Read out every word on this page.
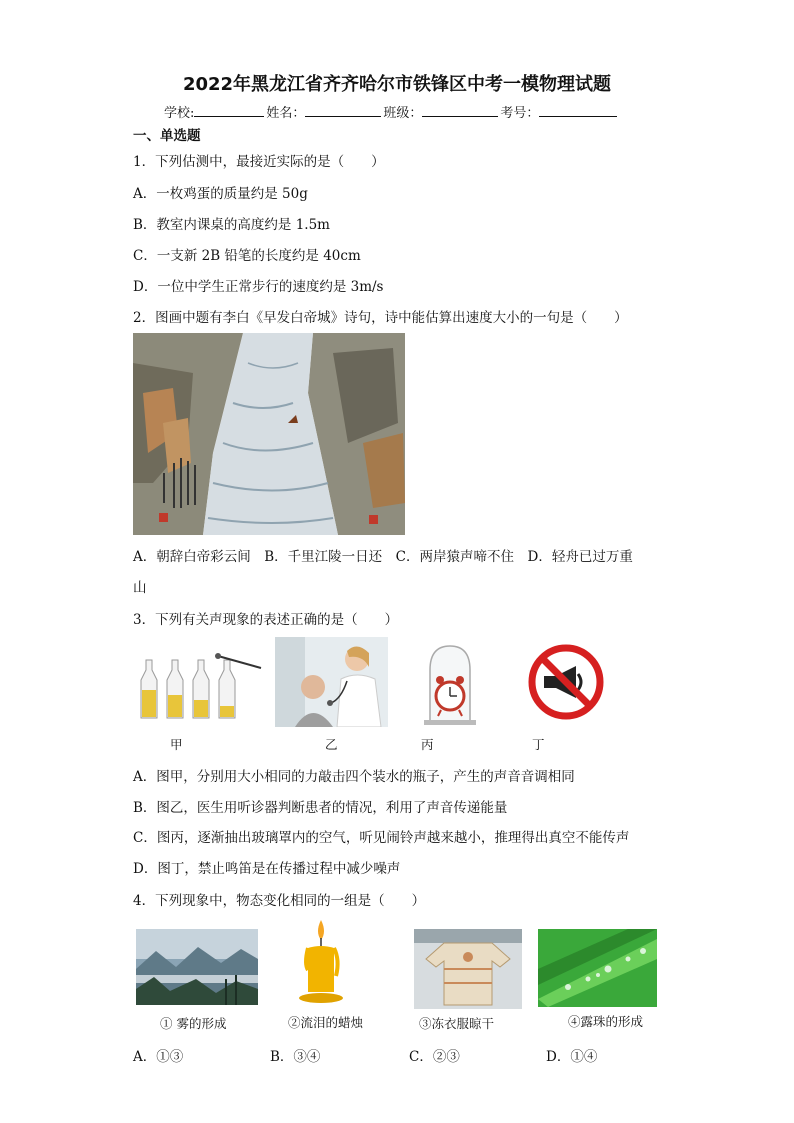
2022年黑龙江省齐齐哈尔市铁锋区中考一模物理试题
学校:	姓名：	班级：	考号：
一、单选题
1．下列估测中，最接近实际的是（　　）
A．一枚鸡蛋的质量约是 50g
B．教室内课桌的高度约是 1.5m
C．一支新 2B 铅笔的长度约是 40cm
D．一位中学生正常步行的速度约是 3m/s
2．图画中题有李白《早发白帝城》诗句，诗中能估算出速度大小的一句是（　　）
A．朝辞白帝彩云间　B．千里江陵一日还　C．两岸猿声啼不住　D．轻舟已过万重
山
3．下列有关声现象的表述正确的是（　　）
甲	乙	丙	丁
A．图甲，分别用大小相同的力敲击四个装水的瓶子，产生的声音音调相同
B．图乙，医生用听诊器判断患者的情况，利用了声音传递能量
C．图丙，逐渐抽出玻璃罩内的空气，听见闹铃声越来越小，推理得出真空不能传声
D．图丁，禁止鸣笛是在传播过程中减少噪声
4．下列现象中，物态变化相同的一组是（　　）
① 雾的形成	②流泪的蜡烛	③冻衣服晾干	④露珠的形成
A．①③	B．③④	C．②③	D．①④
